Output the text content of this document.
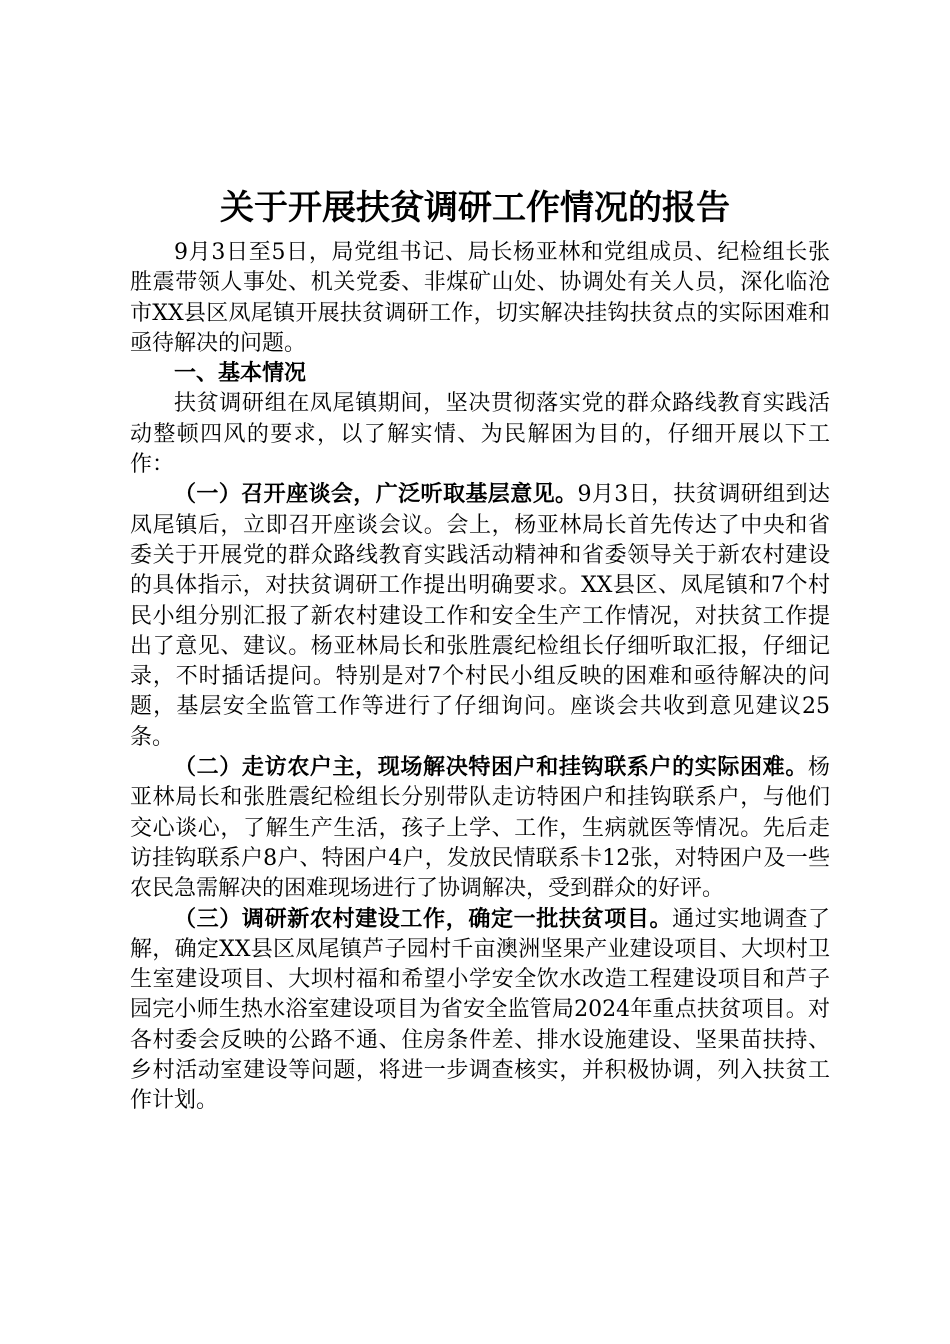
关于开展扶贫调研工作情况的报告

9月3日至5日，局党组书记、局长杨亚林和党组成员、纪检组长张胜震带领人事处、机关党委、非煤矿山处、协调处有关人员，深化临沧市XX县区凤尾镇开展扶贫调研工作，切实解决挂钩扶贫点的实际困难和亟待解决的问题。

一、基本情况

扶贫调研组在凤尾镇期间，坚决贯彻落实党的群众路线教育实践活动整顿四风的要求，以了解实情、为民解困为目的，仔细开展以下工作：

（一）召开座谈会，广泛听取基层意见。9月3日，扶贫调研组到达凤尾镇后，立即召开座谈会议。会上，杨亚林局长首先传达了中央和省委关于开展党的群众路线教育实践活动精神和省委领导关于新农村建设的具体指示，对扶贫调研工作提出明确要求。XX县区、凤尾镇和7个村民小组分别汇报了新农村建设工作和安全生产工作情况，对扶贫工作提出了意见、建议。杨亚林局长和张胜震纪检组长仔细听取汇报，仔细记录，不时插话提问。特别是对7个村民小组反映的困难和亟待解决的问题，基层安全监管工作等进行了仔细询问。座谈会共收到意见建议25条。

（二）走访农户主，现场解决特困户和挂钩联系户的实际困难。杨亚林局长和张胜震纪检组长分别带队走访特困户和挂钩联系户，与他们交心谈心，了解生产生活，孩子上学、工作，生病就医等情况。先后走访挂钩联系户8户、特困户4户，发放民情联系卡12张，对特困户及一些农民急需解决的困难现场进行了协调解决，受到群众的好评。

（三）调研新农村建设工作，确定一批扶贫项目。通过实地调查了解，确定XX县区凤尾镇芦子园村千亩澳洲坚果产业建设项目、大坝村卫生室建设项目、大坝村福和希望小学安全饮水改造工程建设项目和芦子园完小师生热水浴室建设项目为省安全监管局2024年重点扶贫项目。对各村委会反映的公路不通、住房条件差、排水设施建设、坚果苗扶持、乡村活动室建设等问题，将进一步调查核实，并积极协调，列入扶贫工作计划。
